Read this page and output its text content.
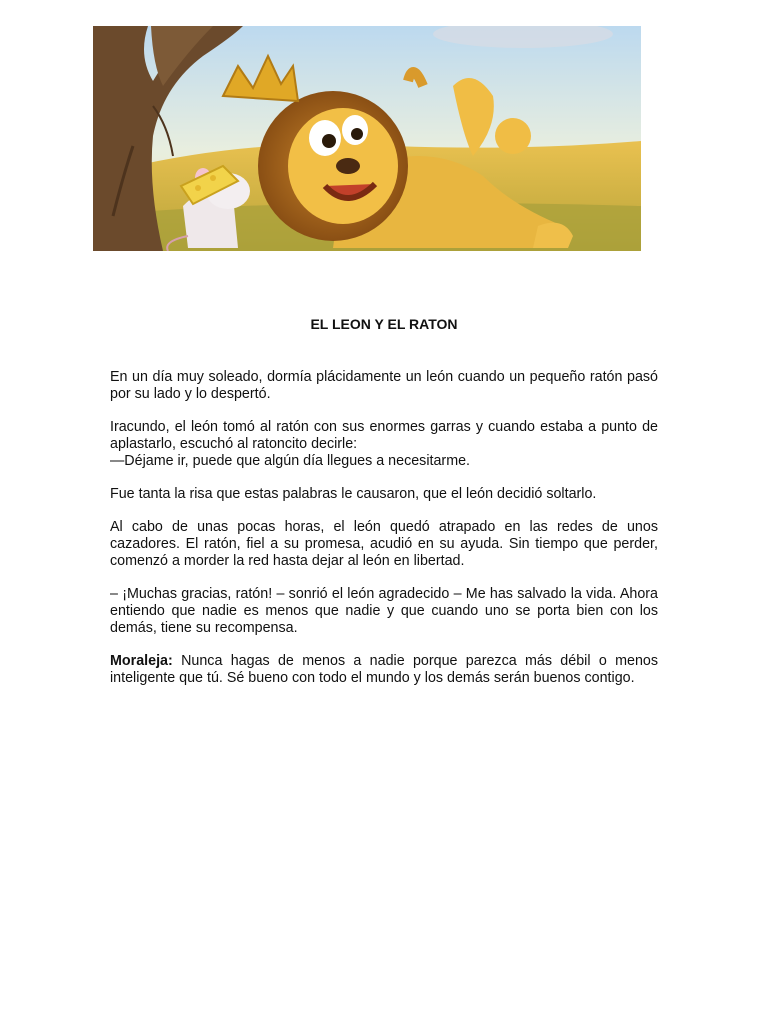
EL LEON Y EL RATON

En un día muy soleado, dormía plácidamente un león cuando un pequeño ratón pasó por su lado y lo despertó.

Iracundo, el león tomó al ratón con sus enormes garras y cuando estaba a punto de aplastarlo, escuchó al ratoncito decirle:
—Déjame ir, puede que algún día llegues a necesitarme.

Fue tanta la risa que estas palabras le causaron, que el león decidió soltarlo.

Al cabo de unas pocas horas, el león quedó atrapado en las redes de unos cazadores. El ratón, fiel a su promesa, acudió en su ayuda. Sin tiempo que perder, comenzó a morder la red hasta dejar al león en libertad.

– ¡Muchas gracias, ratón! – sonrió el león agradecido – Me has salvado la vida. Ahora entiendo que nadie es menos que nadie y que cuando uno se porta bien con los demás, tiene su recompensa.

Moraleja: Nunca hagas de menos a nadie porque parezca más débil o menos inteligente que tú. Sé bueno con todo el mundo y los demás serán buenos contigo.
